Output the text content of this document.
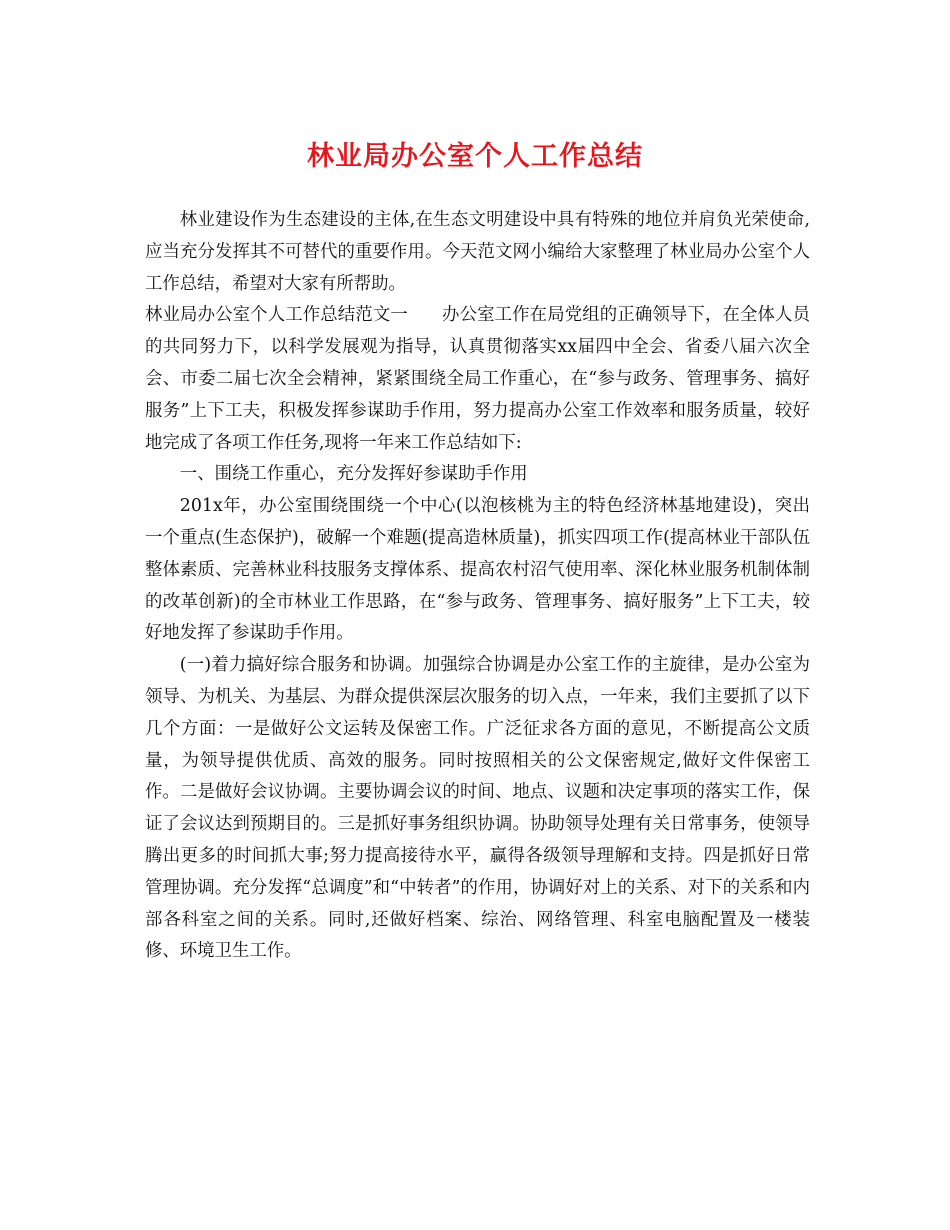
林业局办公室个人工作总结

林业建设作为生态建设的主体,在生态文明建设中具有特殊的地位并肩负光荣使命,应当充分发挥其不可替代的重要作用。今天范文网小编给大家整理了林业局办公室个人工作总结，希望对大家有所帮助。

林业局办公室个人工作总结范文一 办公室工作在局党组的正确领导下，在全体人员的共同努力下，以科学发展观为指导，认真贯彻落实xx届四中全会、省委八届六次全会、市委二届七次全会精神，紧紧围绕全局工作重心，在“参与政务、管理事务、搞好服务”上下工夫，积极发挥参谋助手作用，努力提高办公室工作效率和服务质量，较好地完成了各项工作任务,现将一年来工作总结如下:

一、围绕工作重心，充分发挥好参谋助手作用

201x年，办公室围绕围绕一个中心(以泡核桃为主的特色经济林基地建设)，突出一个重点(生态保护)，破解一个难题(提高造林质量)，抓实四项工作(提高林业干部队伍整体素质、完善林业科技服务支撑体系、提高农村沼气使用率、深化林业服务机制体制的改革创新)的全市林业工作思路，在“参与政务、管理事务、搞好服务”上下工夫，较好地发挥了参谋助手作用。

(一)着力搞好综合服务和协调。加强综合协调是办公室工作的主旋律，是办公室为领导、为机关、为基层、为群众提供深层次服务的切入点，一年来，我们主要抓了以下几个方面：一是做好公文运转及保密工作。广泛征求各方面的意见，不断提高公文质量，为领导提供优质、高效的服务。同时按照相关的公文保密规定,做好文件保密工作。二是做好会议协调。主要协调会议的时间、地点、议题和决定事项的落实工作，保证了会议达到预期目的。三是抓好事务组织协调。协助领导处理有关日常事务，使领导腾出更多的时间抓大事;努力提高接待水平，赢得各级领导理解和支持。四是抓好日常管理协调。充分发挥“总调度”和“中转者”的作用，协调好对上的关系、对下的关系和内部各科室之间的关系。同时,还做好档案、综治、网络管理、科室电脑配置及一楼装修、环境卫生工作。
